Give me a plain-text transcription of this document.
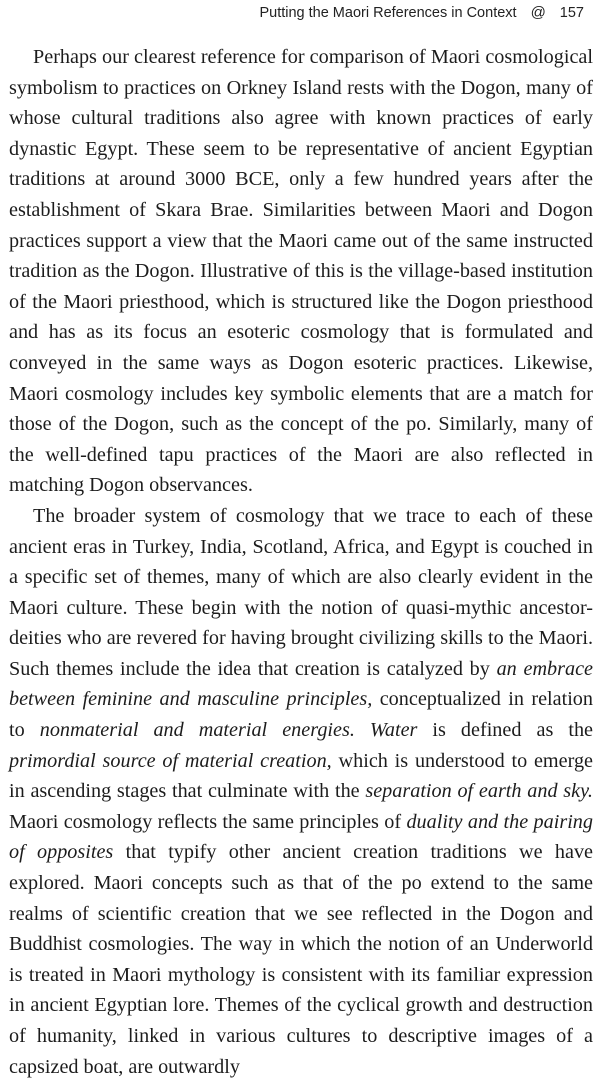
Putting the Maori References in Context @ 157

Perhaps our clearest reference for comparison of Maori cosmological symbolism to practices on Orkney Island rests with the Dogon, many of whose cultural traditions also agree with known practices of early dynastic Egypt. These seem to be representative of ancient Egyptian traditions at around 3000 BCE, only a few hundred years after the establishment of Skara Brae. Similarities between Maori and Dogon practices support a view that the Maori came out of the same instructed tradition as the Dogon. Illustrative of this is the village-based institution of the Maori priesthood, which is structured like the Dogon priesthood and has as its focus an esoteric cosmology that is formulated and conveyed in the same ways as Dogon esoteric practices. Likewise, Maori cosmology includes key symbolic elements that are a match for those of the Dogon, such as the concept of the po. Similarly, many of the well-defined tapu practices of the Maori are also reflected in matching Dogon observances.

The broader system of cosmology that we trace to each of these ancient eras in Turkey, India, Scotland, Africa, and Egypt is couched in a specific set of themes, many of which are also clearly evident in the Maori culture. These begin with the notion of quasi-mythic ancestor-deities who are revered for having brought civilizing skills to the Maori. Such themes include the idea that creation is catalyzed by an embrace between feminine and masculine principles, conceptualized in relation to nonmaterial and material energies. Water is defined as the primordial source of material creation, which is understood to emerge in ascending stages that culminate with the separation of earth and sky. Maori cosmology reflects the same principles of duality and the pairing of opposites that typify other ancient creation traditions we have explored. Maori concepts such as that of the po extend to the same realms of scientific creation that we see reflected in the Dogon and Buddhist cosmologies. The way in which the notion of an Underworld is treated in Maori mythology is consistent with its familiar expression in ancient Egyptian lore. Themes of the cyclical growth and destruction of humanity, linked in various cultures to descriptive images of a capsized boat, are outwardly
